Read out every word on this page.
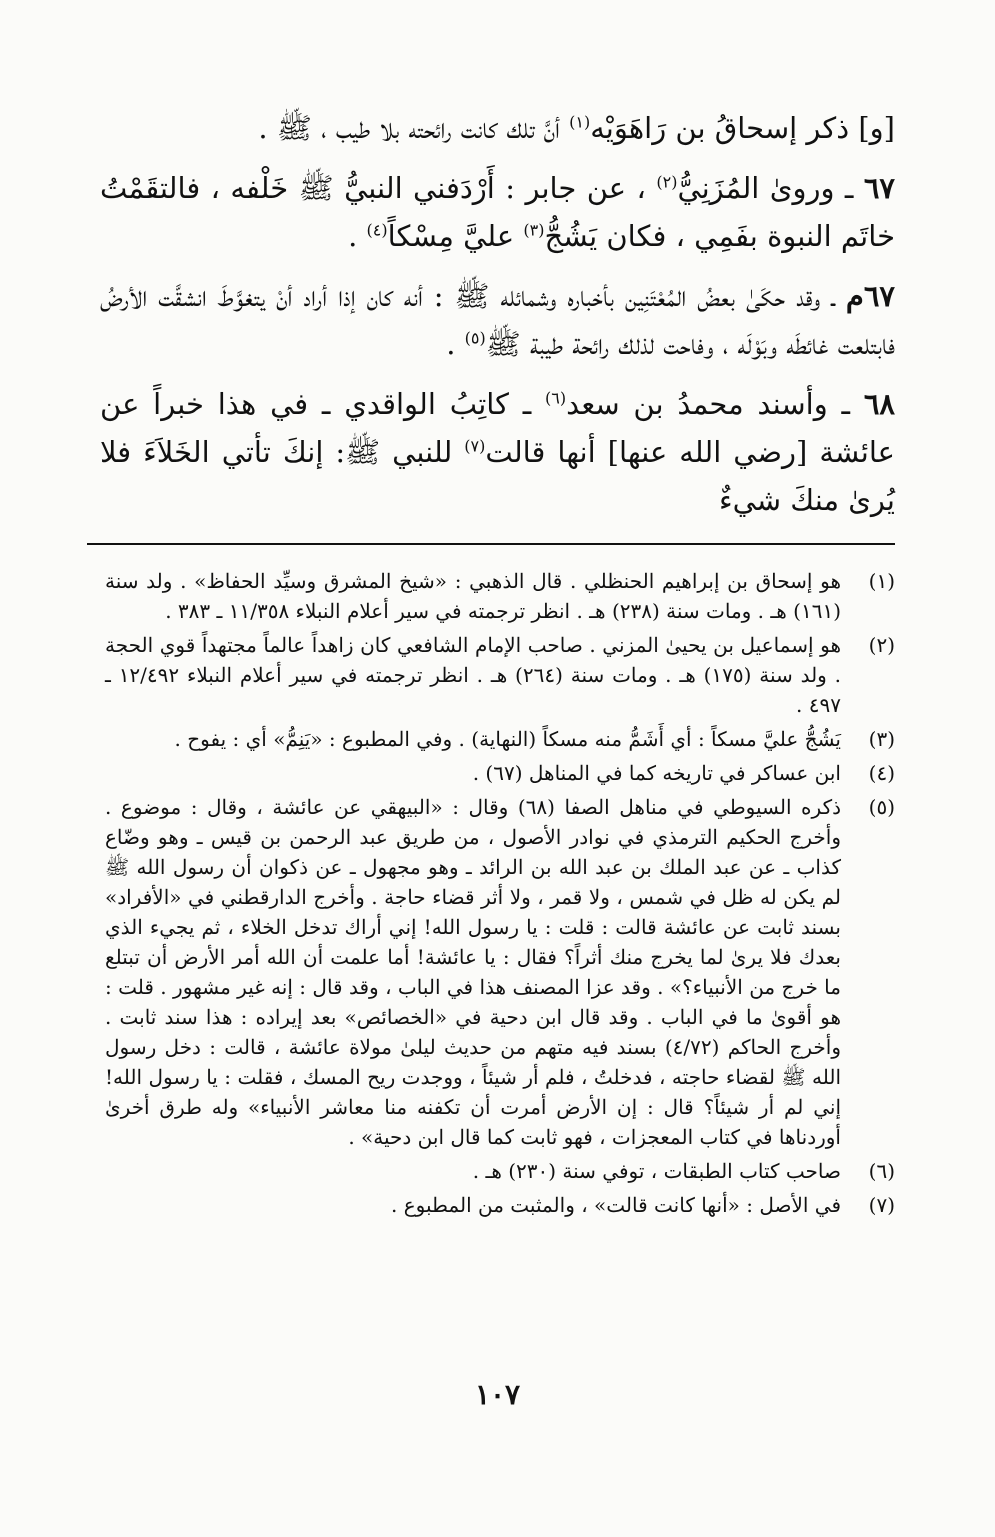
[و] ذكر إسحاقُ بن رَاهَوَيْه$^{(١)}$ أنَّ تلك كانت رائحته بلا طيب ، ﷺ .

٦٧ ـ وروىٰ المُزَنِيُّ$^{(٢)}$ ، عن جابر : أَرْدَفني النبيُّ ﷺ خَلْفه ، فالتقَمْتُ خاتَم النبوة بفَمِي ، فكان يَشُجُّ$^{(٣)}$ عليَّ مِسْكاً$^{(٤)}$ .

٦٧م ـ وقد حكَىٰ بعضُ المُعْتَنِين بأخباره وشمائله ﷺ : أنه كان إذا أراد أنْ يتغوَّطَ انشقَّت الأرضُ فابتلعت غائطَه وبَوْلَه ، وفاحت لذلك رائحة طيبة ﷺ$^{(٥)}$ .

٦٨ ـ وأسند محمدُ بن سعد$^{(٦)}$ ـ كاتِبُ الواقدي ـ في هذا خبراً عن عائشة [رضي الله عنها] أنها قالت$^{(٧)}$ للنبي ﷺ: إنكَ تأتي الخَلاَءَ فلا يُرىٰ منكَ شيءٌ

(١)
هو إسحاق بن إبراهيم الحنظلي . قال الذهبي : «شيخ المشرق وسيِّد الحفاظ» . ولد سنة (١٦١) هـ . ومات سنة (٢٣٨) هـ . انظر ترجمته في سير أعلام النبلاء ١١/٣٥٨ ـ ٣٨٣ .
(٢)
هو إسماعيل بن يحيىٰ المزني . صاحب الإمام الشافعي كان زاهداً عالماً مجتهداً قوي الحجة . ولد سنة (١٧٥) هـ . ومات سنة (٢٦٤) هـ . انظر ترجمته في سير أعلام النبلاء ١٢/٤٩٢ ـ ٤٩٧ .
(٣)
يَشُجُّ عليَّ مسكاً : أي أَشَمُّ منه مسكاً (النهاية) . وفي المطبوع : «يَنِمُّ» أي : يفوح .
(٤)
ابن عساكر في تاريخه كما في المناهل (٦٧) .
(٥)
ذكره السيوطي في مناهل الصفا (٦٨) وقال : «البيهقي عن عائشة ، وقال : موضوع . وأخرج الحكيم الترمذي في نوادر الأصول ، من طريق عبد الرحمن بن قيس ـ وهو وضّاع كذاب ـ عن عبد الملك بن عبد الله بن الرائد ـ وهو مجهول ـ عن ذكوان أن رسول الله ﷺ لم يكن له ظل في شمس ، ولا قمر ، ولا أثر قضاء حاجة . وأخرج الدارقطني في «الأفراد» بسند ثابت عن عائشة قالت : قلت : يا رسول الله! إني أراك تدخل الخلاء ، ثم يجيء الذي بعدك فلا يرىٰ لما يخرج منك أثراً؟ فقال : يا عائشة! أما علمت أن الله أمر الأرض أن تبتلع ما خرج من الأنبياء؟» . وقد عزا المصنف هذا في الباب ، وقد قال : إنه غير مشهور . قلت : هو أقوىٰ ما في الباب . وقد قال ابن دحية في «الخصائص» بعد إيراده : هذا سند ثابت . وأخرج الحاكم (٤/٧٢) بسند فيه متهم من حديث ليلىٰ مولاة عائشة ، قالت : دخل رسول الله ﷺ لقضاء حاجته ، فدخلتُ ، فلم أر شيئاً ، ووجدت ريح المسك ، فقلت : يا رسول الله! إني لم أر شيئاً؟ قال : إن الأرض أمرت أن تكفنه منا معاشر الأنبياء» وله طرق أخرىٰ أوردناها في كتاب المعجزات ، فهو ثابت كما قال ابن دحية» .
(٦)
صاحب كتاب الطبقات ، توفي سنة (٢٣٠) هـ .
(٧)
في الأصل : «أنها كانت قالت» ، والمثبت من المطبوع .
١٠٧
